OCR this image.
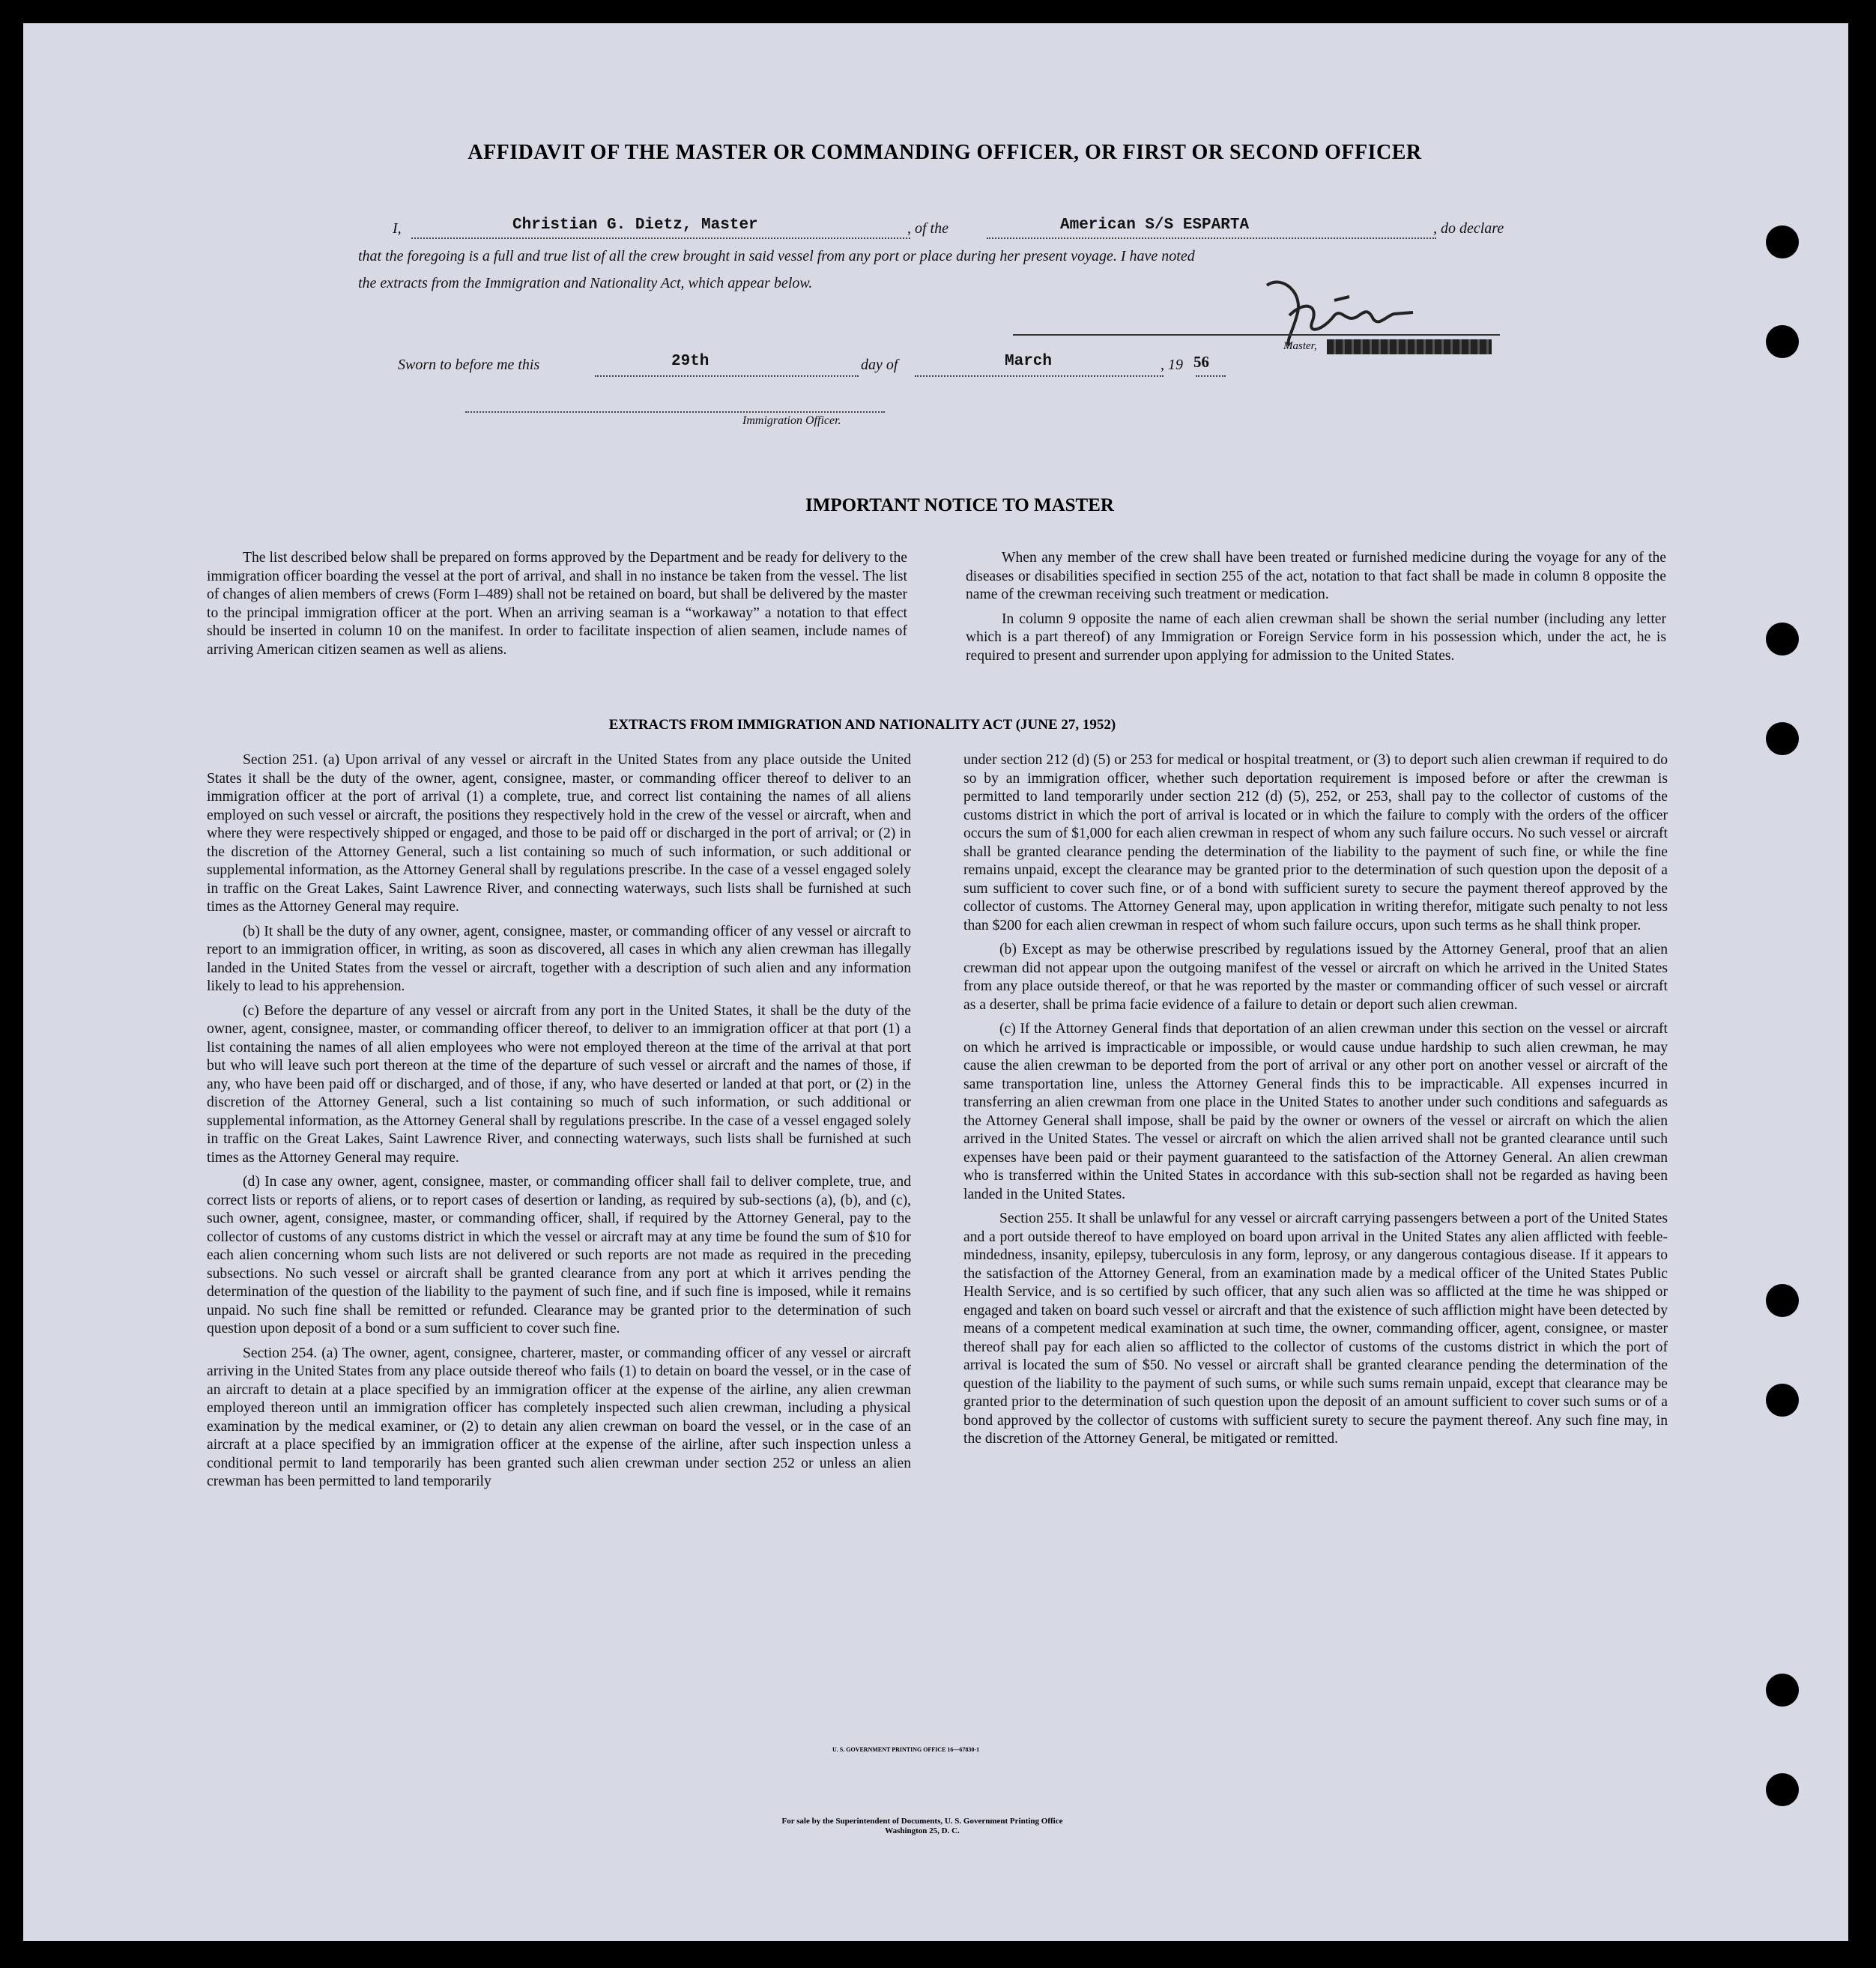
AFFIDAVIT OF THE MASTER OR COMMANDING OFFICER, OR FIRST OR SECOND OFFICER
I,	Christian G. Dietz, Master	, of the	American S/S ESPARTA	, do declare
that the foregoing is a full and true list of all the crew brought in said vessel from any port or place during her present voyage. I have noted
the extracts from the Immigration and Nationality Act, which appear below.
Master,
Sworn to before me this	29th	day of	March	, 19 56
Immigration Officer.
IMPORTANT NOTICE TO MASTER

The list described below shall be prepared on forms approved by the Department and be ready for delivery to the immigration officer boarding the vessel at the port of arrival, and shall in no instance be taken from the vessel. The list of changes of alien members of crews (Form I–489) shall not be retained on board, but shall be delivered by the master to the principal immigration officer at the port. When an arriving seaman is a “workaway” a notation to that effect should be inserted in column 10 on the manifest. In order to facilitate inspection of alien seamen, include names of arriving American citizen seamen as well as aliens.

When any member of the crew shall have been treated or furnished medicine during the voyage for any of the diseases or disabilities specified in section 255 of the act, notation to that fact shall be made in column 8 opposite the name of the crewman receiving such treatment or medication.

In column 9 opposite the name of each alien crewman shall be shown the serial number (including any letter which is a part thereof) of any Immigration or Foreign Service form in his possession which, under the act, he is required to present and surrender upon applying for admission to the United States.

EXTRACTS FROM IMMIGRATION AND NATIONALITY ACT (JUNE 27, 1952)

Section 251. (a) Upon arrival of any vessel or aircraft in the United States from any place outside the United States it shall be the duty of the owner, agent, consignee, master, or commanding officer thereof to deliver to an immigration officer at the port of arrival (1) a complete, true, and correct list containing the names of all aliens employed on such vessel or aircraft, the positions they respectively hold in the crew of the vessel or aircraft, when and where they were respectively shipped or engaged, and those to be paid off or discharged in the port of arrival; or (2) in the discretion of the Attorney General, such a list containing so much of such information, or such additional or supplemental information, as the Attorney General shall by regulations prescribe. In the case of a vessel engaged solely in traffic on the Great Lakes, Saint Lawrence River, and connecting waterways, such lists shall be furnished at such times as the Attorney General may require.

(b) It shall be the duty of any owner, agent, consignee, master, or commanding officer of any vessel or aircraft to report to an immigration officer, in writing, as soon as discovered, all cases in which any alien crewman has illegally landed in the United States from the vessel or aircraft, together with a description of such alien and any information likely to lead to his apprehension.

(c) Before the departure of any vessel or aircraft from any port in the United States, it shall be the duty of the owner, agent, consignee, master, or commanding officer thereof, to deliver to an immigration officer at that port (1) a list containing the names of all alien employees who were not employed thereon at the time of the arrival at that port but who will leave such port thereon at the time of the departure of such vessel or aircraft and the names of those, if any, who have been paid off or discharged, and of those, if any, who have deserted or landed at that port, or (2) in the discretion of the Attorney General, such a list containing so much of such information, or such additional or supplemental information, as the Attorney General shall by regulations prescribe. In the case of a vessel engaged solely in traffic on the Great Lakes, Saint Lawrence River, and connecting waterways, such lists shall be furnished at such times as the Attorney General may require.

(d) In case any owner, agent, consignee, master, or commanding officer shall fail to deliver complete, true, and correct lists or reports of aliens, or to report cases of desertion or landing, as required by sub-sections (a), (b), and (c), such owner, agent, consignee, master, or commanding officer, shall, if required by the Attorney General, pay to the collector of customs of any customs district in which the vessel or aircraft may at any time be found the sum of $10 for each alien concerning whom such lists are not delivered or such reports are not made as required in the preceding subsections. No such vessel or aircraft shall be granted clearance from any port at which it arrives pending the determination of the question of the liability to the payment of such fine, and if such fine is imposed, while it remains unpaid. No such fine shall be remitted or refunded. Clearance may be granted prior to the determination of such question upon deposit of a bond or a sum sufficient to cover such fine.

Section 254. (a) The owner, agent, consignee, charterer, master, or commanding officer of any vessel or aircraft arriving in the United States from any place outside thereof who fails (1) to detain on board the vessel, or in the case of an aircraft to detain at a place specified by an immigration officer at the expense of the airline, any alien crewman employed thereon until an immigration officer has completely inspected such alien crewman, including a physical examination by the medical examiner, or (2) to detain any alien crewman on board the vessel, or in the case of an aircraft at a place specified by an immigration officer at the expense of the airline, after such inspection unless a conditional permit to land temporarily has been granted such alien crewman under section 252 or unless an alien crewman has been permitted to land temporarily

under section 212 (d) (5) or 253 for medical or hospital treatment, or (3) to deport such alien crewman if required to do so by an immigration officer, whether such deportation requirement is imposed before or after the crewman is permitted to land temporarily under section 212 (d) (5), 252, or 253, shall pay to the collector of customs of the customs district in which the port of arrival is located or in which the failure to comply with the orders of the officer occurs the sum of $1,000 for each alien crewman in respect of whom any such failure occurs. No such vessel or aircraft shall be granted clearance pending the determination of the liability to the payment of such fine, or while the fine remains unpaid, except the clearance may be granted prior to the determination of such question upon the deposit of a sum sufficient to cover such fine, or of a bond with sufficient surety to secure the payment thereof approved by the collector of customs. The Attorney General may, upon application in writing therefor, mitigate such penalty to not less than $200 for each alien crewman in respect of whom such failure occurs, upon such terms as he shall think proper.

(b) Except as may be otherwise prescribed by regulations issued by the Attorney General, proof that an alien crewman did not appear upon the outgoing manifest of the vessel or aircraft on which he arrived in the United States from any place outside thereof, or that he was reported by the master or commanding officer of such vessel or aircraft as a deserter, shall be prima facie evidence of a failure to detain or deport such alien crewman.

(c) If the Attorney General finds that deportation of an alien crewman under this section on the vessel or aircraft on which he arrived is impracticable or impossible, or would cause undue hardship to such alien crewman, he may cause the alien crewman to be deported from the port of arrival or any other port on another vessel or aircraft of the same transportation line, unless the Attorney General finds this to be impracticable. All expenses incurred in transferring an alien crewman from one place in the United States to another under such conditions and safeguards as the Attorney General shall impose, shall be paid by the owner or owners of the vessel or aircraft on which the alien arrived in the United States. The vessel or aircraft on which the alien arrived shall not be granted clearance until such expenses have been paid or their payment guaranteed to the satisfaction of the Attorney General. An alien crewman who is transferred within the United States in accordance with this sub-section shall not be regarded as having been landed in the United States.

Section 255. It shall be unlawful for any vessel or aircraft carrying passengers between a port of the United States and a port outside thereof to have employed on board upon arrival in the United States any alien afflicted with feeble-mindedness, insanity, epilepsy, tuberculosis in any form, leprosy, or any dangerous contagious disease. If it appears to the satisfaction of the Attorney General, from an examination made by a medical officer of the United States Public Health Service, and is so certified by such officer, that any such alien was so afflicted at the time he was shipped or engaged and taken on board such vessel or aircraft and that the existence of such affliction might have been detected by means of a competent medical examination at such time, the owner, commanding officer, agent, consignee, or master thereof shall pay for each alien so afflicted to the collector of customs of the customs district in which the port of arrival is located the sum of $50. No vessel or aircraft shall be granted clearance pending the determination of the question of the liability to the payment of such sums, or while such sums remain unpaid, except that clearance may be granted prior to the determination of such question upon the deposit of an amount sufficient to cover such sums or of a bond approved by the collector of customs with sufficient surety to secure the payment thereof. Any such fine may, in the discretion of the Attorney General, be mitigated or remitted.

U. S. GOVERNMENT PRINTING OFFICE 16—67830-1
For sale by the Superintendent of Documents, U. S. Government Printing Office
Washington 25, D. C.
